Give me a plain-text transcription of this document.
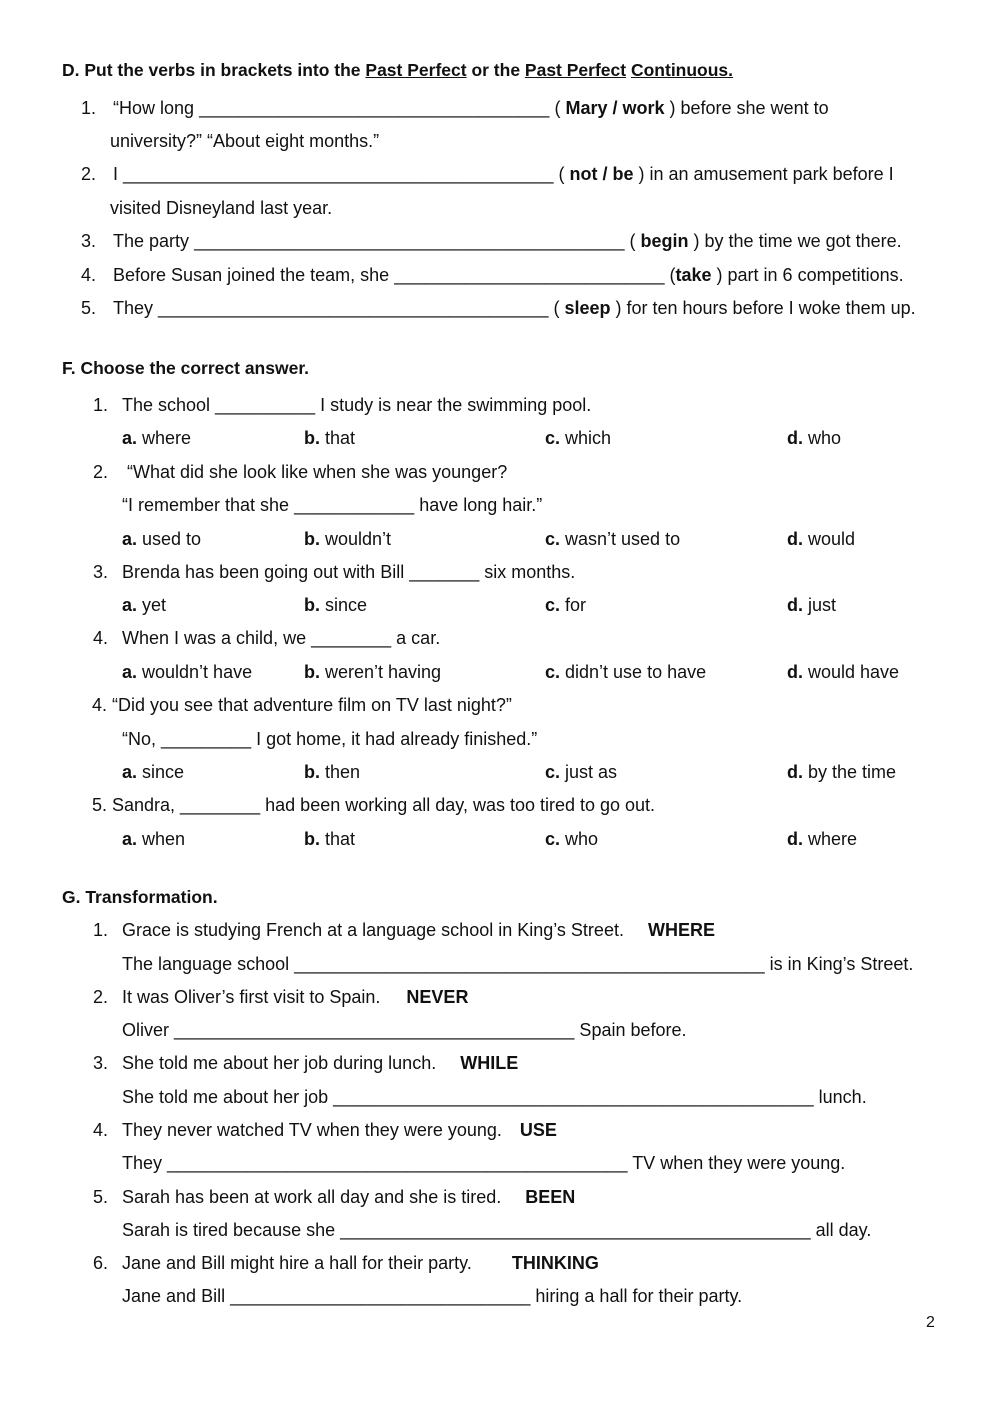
D. Put the verbs in brackets into the Past Perfect or the Past Perfect Continuous.
1. “How long ___________________________________ ( Mary / work ) before she went to
university?” “About eight months.”
2. I ___________________________________________ ( not / be ) in an amusement park before I
visited Disneyland last year.
3. The party ___________________________________________ ( begin ) by the time we got there.
4. Before Susan joined the team, she ___________________________ (take ) part in 6 competitions.
5. They _______________________________________ ( sleep ) for ten hours before I woke them up.
F. Choose the correct answer.
1. The school __________ I study is near the swimming pool.
a. where	b. that	c. which	d. who
2. “What did she look like when she was younger?
“I remember that she ____________ have long hair.”
a. used to	b. wouldn’t	c. wasn’t used to	d. would
3. Brenda has been going out with Bill _______ six months.
a. yet	b. since	c. for	d. just
4. When I was a child, we ________ a car.
a. wouldn’t have	b. weren’t having	c. didn’t use to have	d. would have
4. “Did you see that adventure film on TV last night?”
“No, _________ I got home, it had already finished.”
a. since	b. then	c. just as	d. by the time
5. Sandra, ________ had been working all day, was too tired to go out.
a. when	b. that	c. who	d. where
G. Transformation.
1. Grace is studying French at a language school in King’s Street. WHERE
The language school _______________________________________________ is in King’s Street.
2. It was Oliver’s first visit to Spain. NEVER
Oliver ________________________________________ Spain before.
3. She told me about her job during lunch. WHILE
She told me about her job ________________________________________________ lunch.
4. They never watched TV when they were young. USE
They ______________________________________________ TV when they were young.
5. Sarah has been at work all day and she is tired. BEEN
Sarah is tired because she _______________________________________________ all day.
6. Jane and Bill might hire a hall for their party. THINKING
Jane and Bill ______________________________ hiring a hall for their party.
2
